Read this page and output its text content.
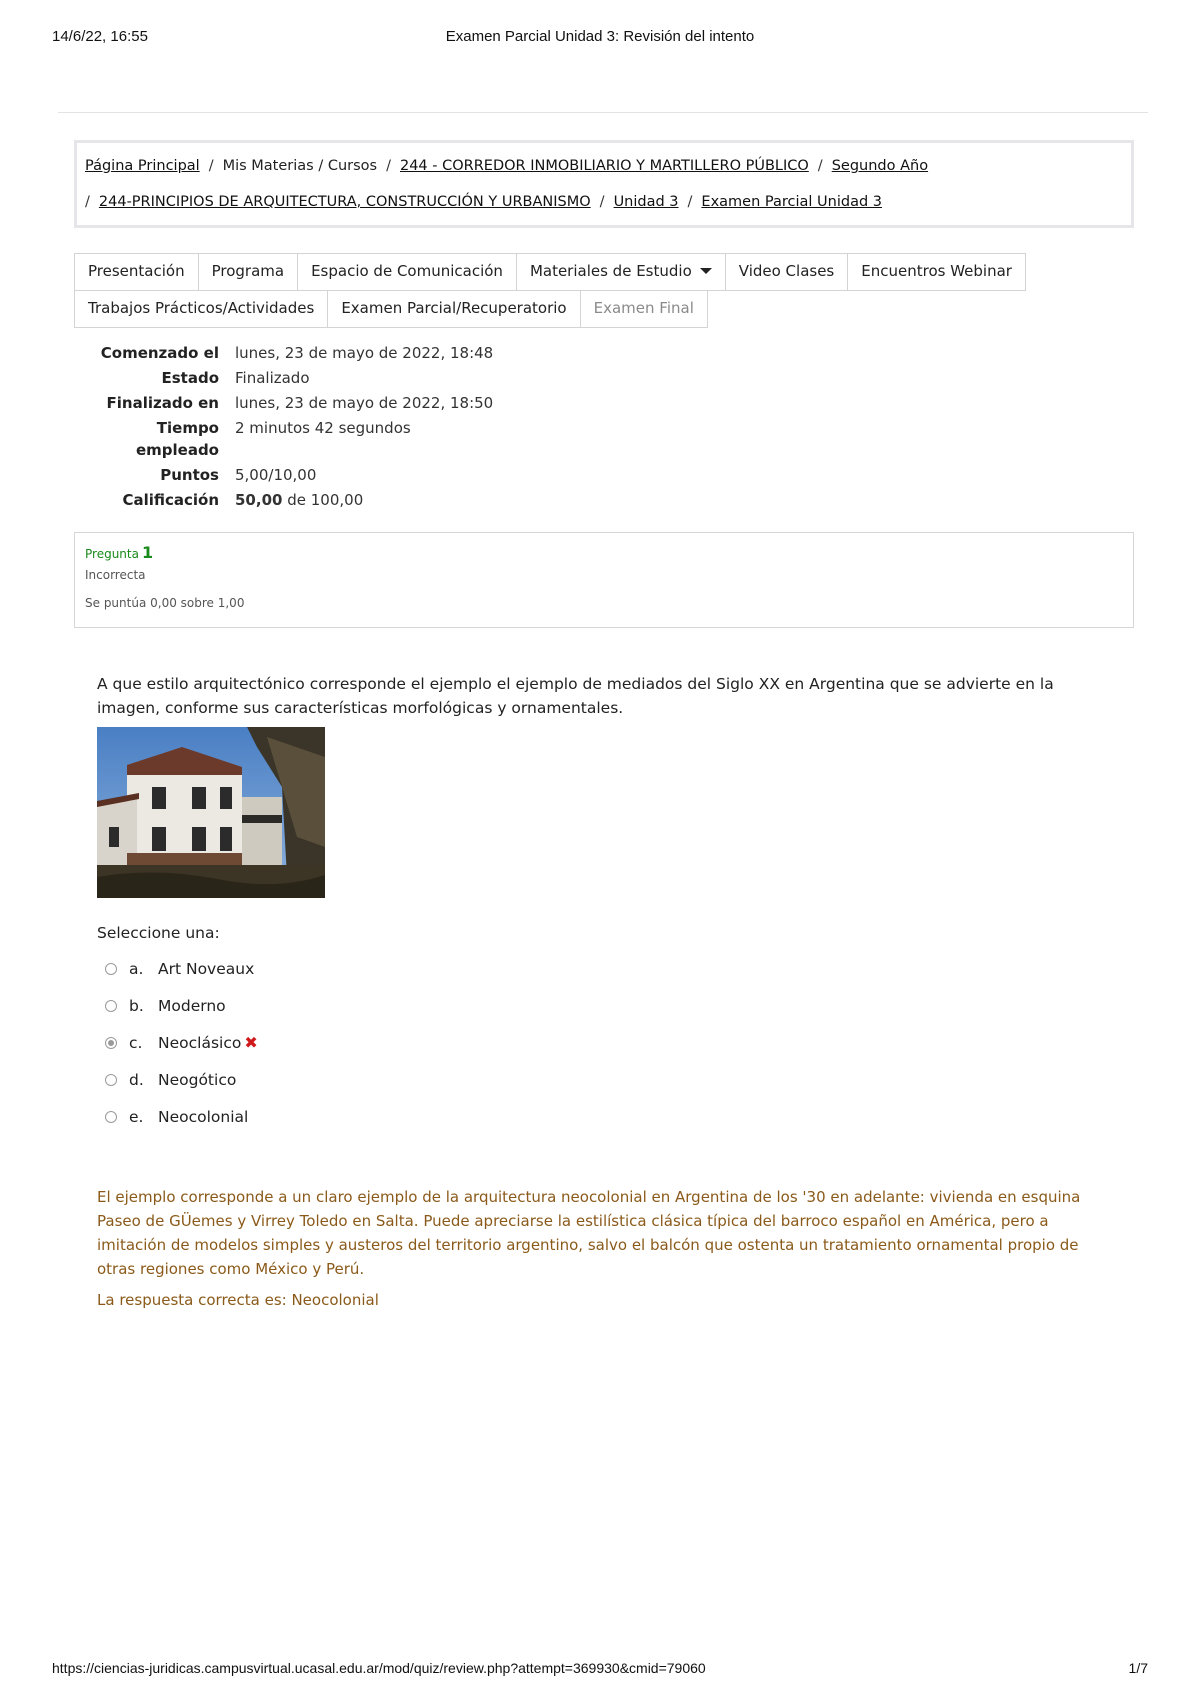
14/6/22, 16:55	Examen Parcial Unidad 3: Revisión del intento
Página Principal / Mis Materias / Cursos / 244 - CORREDOR INMOBILIARIO Y MARTILLERO PÚBLICO / Segundo Año
/ 244-PRINCIPIOS DE ARQUITECTURA, CONSTRUCCIÓN Y URBANISMO / Unidad 3 / Examen Parcial Unidad 3
Presentación	Programa	Espacio de Comunicación	Materiales de Estudio	Video Clases	Encuentros Webinar
Trabajos Prácticos/Actividades	Examen Parcial/Recuperatorio	Examen Final
Comenzado el	lunes, 23 de mayo de 2022, 18:48
Estado	Finalizado
Finalizado en	lunes, 23 de mayo de 2022, 18:50
Tiempo empleado	2 minutos 42 segundos
Puntos	5,00/10,00
Calificación	50,00 de 100,00
Pregunta 1
Incorrecta
Se puntúa 0,00 sobre 1,00
A que estilo arquitectónico corresponde el ejemplo el ejemplo de mediados del Siglo XX en Argentina que se advierte en la imagen, conforme sus características morfológicas y ornamentales.
Seleccione una:
a. Art Noveaux
b. Moderno
c.	Neoclásico ✖
d. Neogótico
e. Neocolonial
El ejemplo corresponde a un claro ejemplo de la arquitectura neocolonial en Argentina de los '30 en adelante: vivienda en esquina Paseo de GÜemes y Virrey Toledo en Salta. Puede apreciarse la estilística clásica típica del barroco español en América, pero a imitación de modelos simples y austeros del territorio argentino, salvo el balcón que ostenta un tratamiento ornamental propio de otras regiones como México y Perú.
La respuesta correcta es: Neocolonial
https://ciencias-juridicas.campusvirtual.ucasal.edu.ar/mod/quiz/review.php?attempt=369930&cmid=79060	1/7
